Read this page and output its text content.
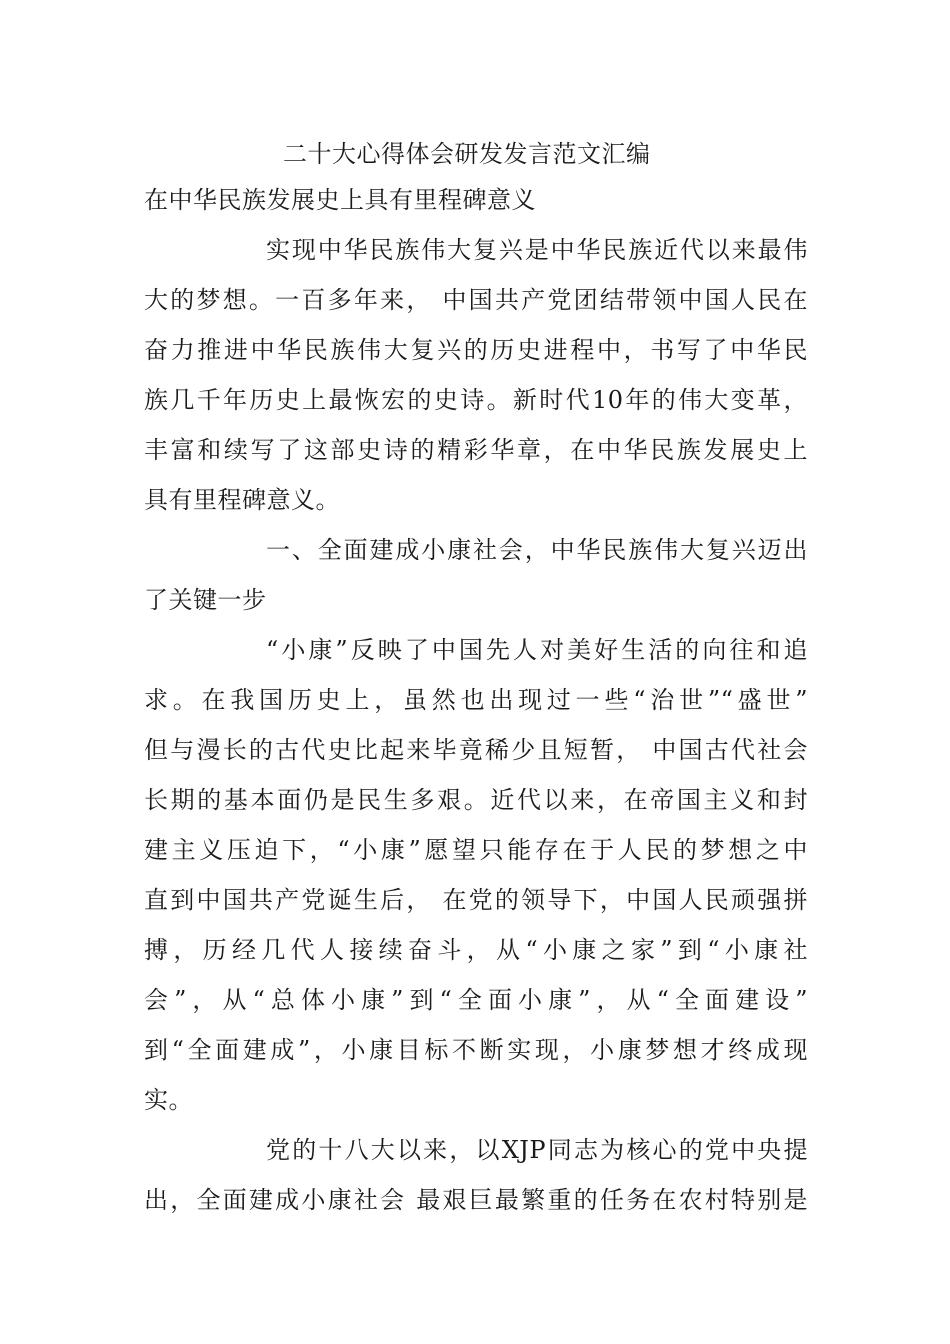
二十大心得体会研发发言范文汇编
在中华民族发展史上具有里程碑意义
实现中华民族伟大复兴是中华民族近代以来最伟
大的梦想。一百多年来， 中国共产党团结带领中国人民在
奋力推进中华民族伟大复兴的历史进程中，书写了中华民
族几千年历史上最恢宏的史诗。新时代10年的伟大变革，
丰富和续写了这部史诗的精彩华章，在中华民族发展史上
具有里程碑意义。
一、全面建成小康社会，中华民族伟大复兴迈出
了关键一步
“小康”反映了中国先人对美好生活的向往和追
求。在我国历史上，虽然也出现过一些“治世”“盛世”
但与漫长的古代史比起来毕竟稀少且短暂， 中国古代社会
长期的基本面仍是民生多艰。近代以来，在帝国主义和封
建主义压迫下，“小康”愿望只能存在于人民的梦想之中
直到中国共产党诞生后， 在党的领导下，中国人民顽强拼
搏，历经几代人接续奋斗，从“小康之家”到“小康社
会”，从“总体小康”到“全面小康”，从“全面建设”
到“全面建成”，小康目标不断实现，小康梦想才终成现
实。
党的十八大以来，以XJP同志为核心的党中央提
出，全面建成小康社会 最艰巨最繁重的任务在农村特别是
